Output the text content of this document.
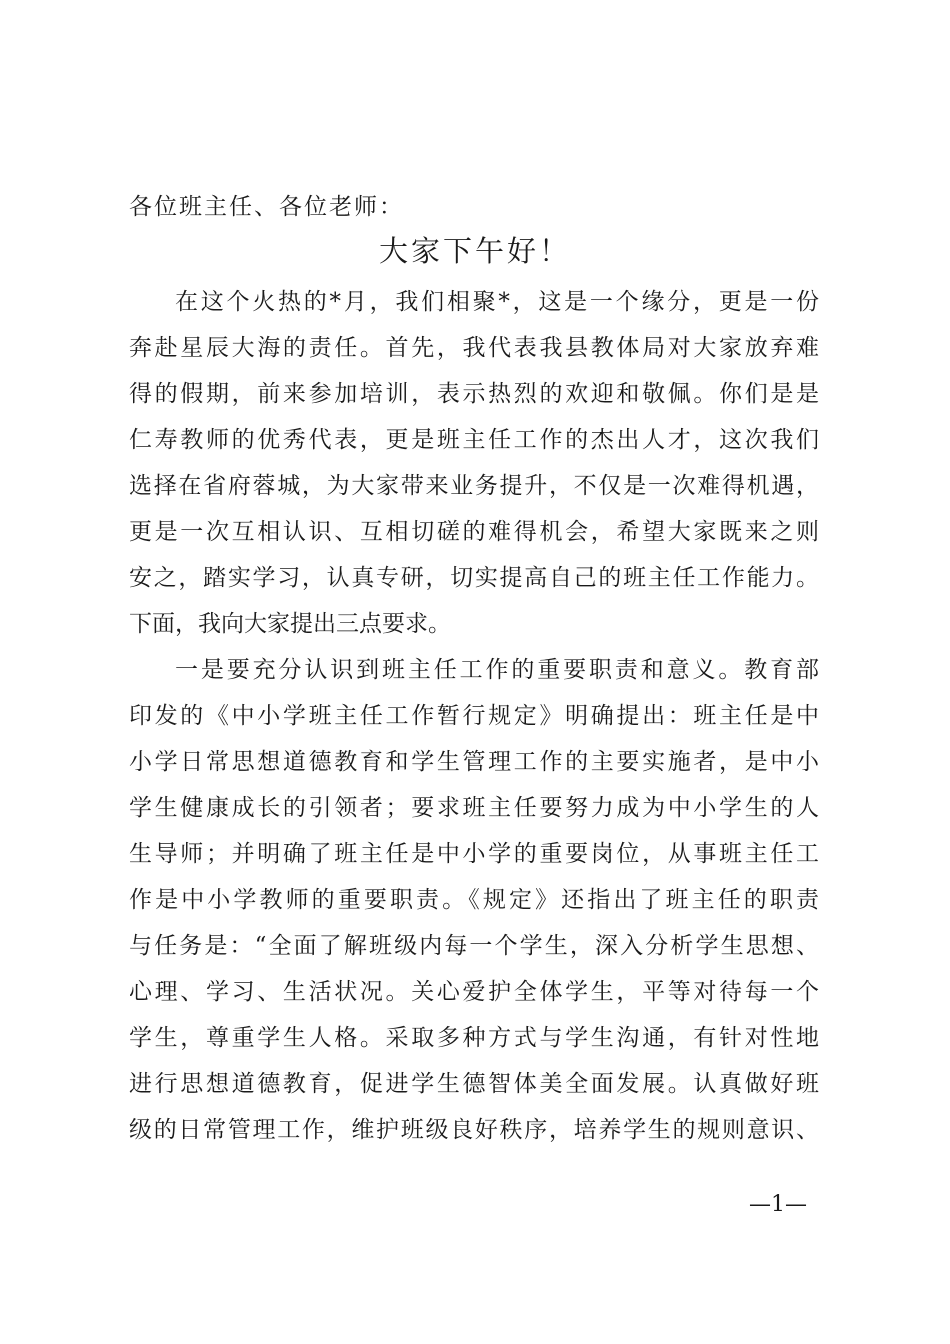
各位班主任、各位老师：
大家下午好！

在这个火热的*月，我们相聚*，这是一个缘分，更是一份
奔赴星辰大海的责任。首先，我代表我县教体局对大家放弃难
得的假期，前来参加培训，表示热烈的欢迎和敬佩。你们是是
仁寿教师的优秀代表，更是班主任工作的杰出人才，这次我们
选择在省府蓉城，为大家带来业务提升，不仅是一次难得机遇，
更是一次互相认识、互相切磋的难得机会，希望大家既来之则
安之，踏实学习，认真专研，切实提高自己的班主任工作能力。
下面，我向大家提出三点要求。

一是要充分认识到班主任工作的重要职责和意义。教育部
印发的《中小学班主任工作暂行规定》明确提出：班主任是中
小学日常思想道德教育和学生管理工作的主要实施者，是中小
学生健康成长的引领者；要求班主任要努力成为中小学生的人
生导师；并明确了班主任是中小学的重要岗位，从事班主任工
作是中小学教师的重要职责。《规定》还指出了班主任的职责
与任务是：“全面了解班级内每一个学生，深入分析学生思想、
心理、学习、生活状况。关心爱护全体学生，平等对待每一个
学生，尊重学生人格。采取多种方式与学生沟通，有针对性地
进行思想道德教育，促进学生德智体美全面发展。认真做好班
级的日常管理工作，维护班级良好秩序，培养学生的规则意识、

—1—
